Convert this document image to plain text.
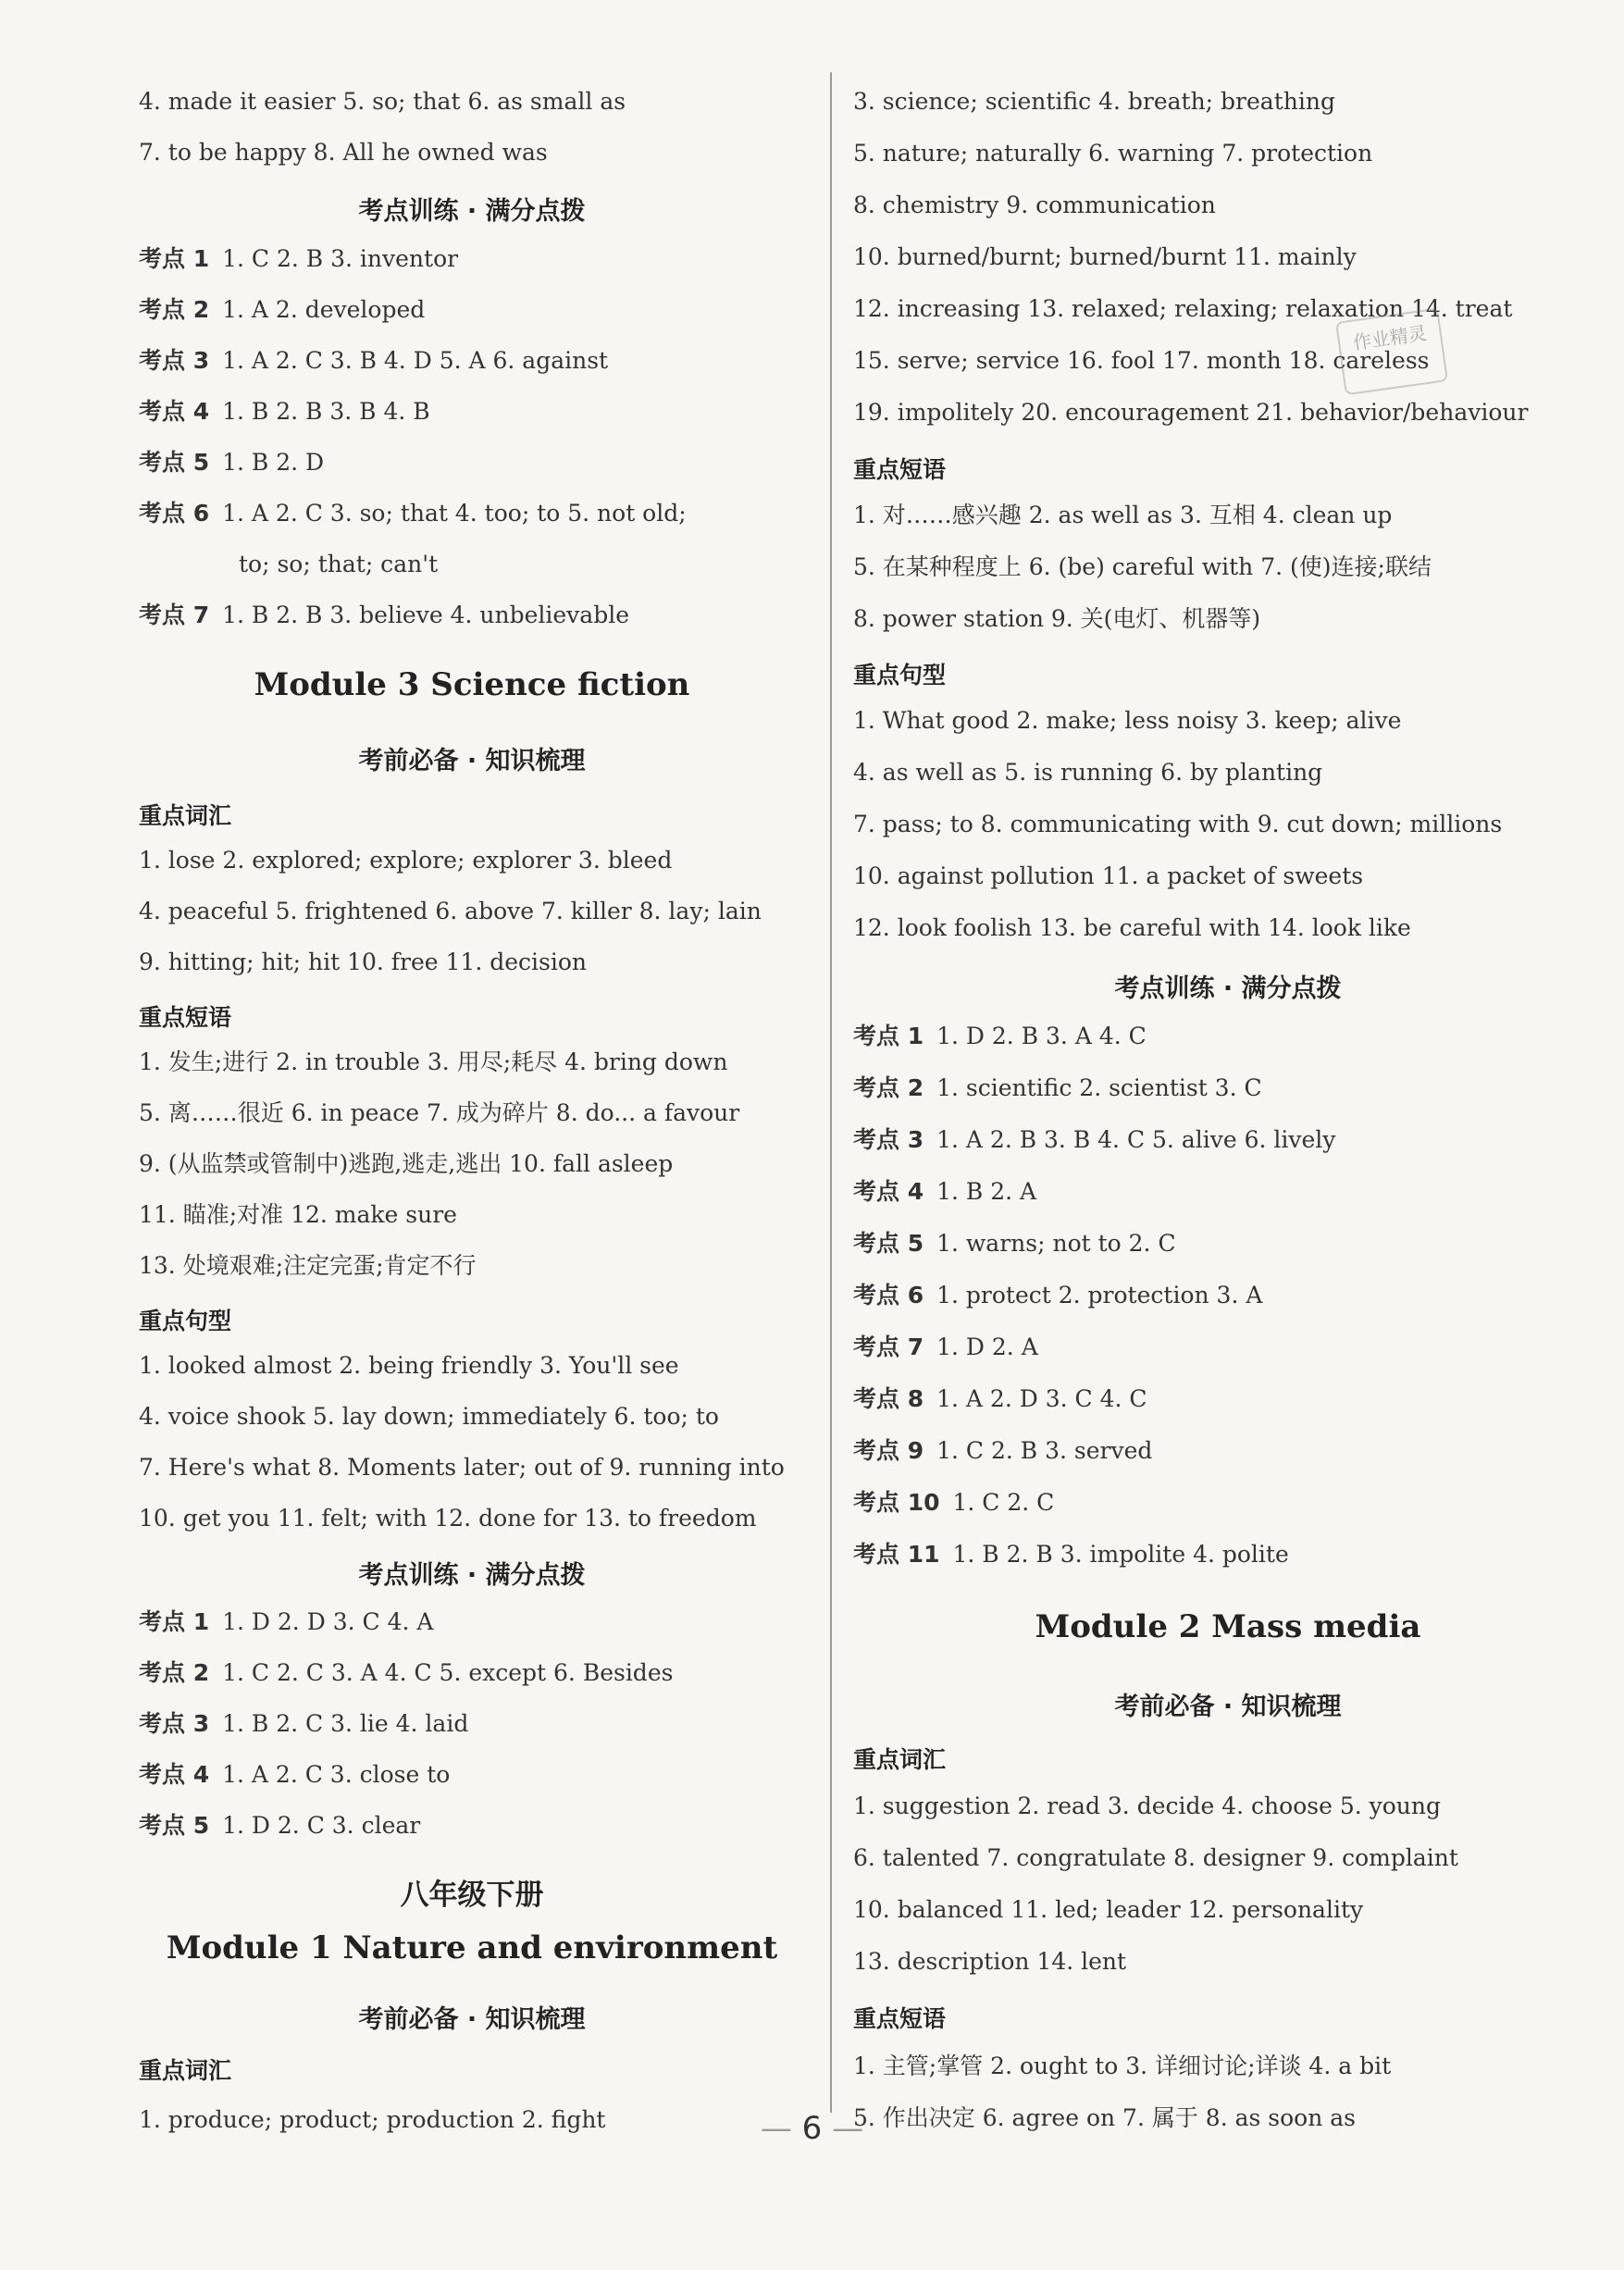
4. made it easier 5. so; that 6. as small as
7. to be happy 8. All he owned was
考点训练 · 满分点拨
考点 1 1. C 2. B 3. inventor
考点 2 1. A 2. developed
考点 3 1. A 2. C 3. B 4. D 5. A 6. against
考点 4 1. B 2. B 3. B 4. B
考点 5 1. B 2. D
考点 6 1. A 2. C 3. so; that 4. too; to 5. not old;
to; so; that; can't
考点 7 1. B 2. B 3. believe 4. unbelievable
Module 3 Science fiction
考前必备 · 知识梳理
重点词汇
1. lose 2. explored; explore; explorer 3. bleed
4. peaceful 5. frightened 6. above 7. killer 8. lay; lain
9. hitting; hit; hit 10. free 11. decision
重点短语
1. 发生;进行 2. in trouble 3. 用尽;耗尽 4. bring down
5. 离……很近 6. in peace 7. 成为碎片 8. do... a favour
9. (从监禁或管制中)逃跑,逃走,逃出 10. fall asleep
11. 瞄准;对准 12. make sure
13. 处境艰难;注定完蛋;肯定不行
重点句型
1. looked almost 2. being friendly 3. You'll see
4. voice shook 5. lay down; immediately 6. too; to
7. Here's what 8. Moments later; out of 9. running into
10. get you 11. felt; with 12. done for 13. to freedom
考点训练 · 满分点拨
考点 1 1. D 2. D 3. C 4. A
考点 2 1. C 2. C 3. A 4. C 5. except 6. Besides
考点 3 1. B 2. C 3. lie 4. laid
考点 4 1. A 2. C 3. close to
考点 5 1. D 2. C 3. clear
八年级下册
Module 1 Nature and environment
考前必备 · 知识梳理
重点词汇
1. produce; product; production 2. fight
3. science; scientific 4. breath; breathing
5. nature; naturally 6. warning 7. protection
8. chemistry 9. communication
10. burned/burnt; burned/burnt 11. mainly
12. increasing 13. relaxed; relaxing; relaxation 14. treat
15. serve; service 16. fool 17. month 18. careless
19. impolitely 20. encouragement 21. behavior/behaviour
重点短语
1. 对……感兴趣 2. as well as 3. 互相 4. clean up
5. 在某种程度上 6. (be) careful with 7. (使)连接;联结
8. power station 9. 关(电灯、机器等)
重点句型
1. What good 2. make; less noisy 3. keep; alive
4. as well as 5. is running 6. by planting
7. pass; to 8. communicating with 9. cut down; millions
10. against pollution 11. a packet of sweets
12. look foolish 13. be careful with 14. look like
考点训练 · 满分点拨
考点 1 1. D 2. B 3. A 4. C
考点 2 1. scientific 2. scientist 3. C
考点 3 1. A 2. B 3. B 4. C 5. alive 6. lively
考点 4 1. B 2. A
考点 5 1. warns; not to 2. C
考点 6 1. protect 2. protection 3. A
考点 7 1. D 2. A
考点 8 1. A 2. D 3. C 4. C
考点 9 1. C 2. B 3. served
考点 10 1. C 2. C
考点 11 1. B 2. B 3. impolite 4. polite
Module 2 Mass media
考前必备 · 知识梳理
重点词汇
1. suggestion 2. read 3. decide 4. choose 5. young
6. talented 7. congratulate 8. designer 9. complaint
10. balanced 11. led; leader 12. personality
13. description 14. lent
重点短语
1. 主管;掌管 2. ought to 3. 详细讨论;详谈 4. a bit
5. 作出决定 6. agree on 7. 属于 8. as soon as
作业精灵
— 6 —
